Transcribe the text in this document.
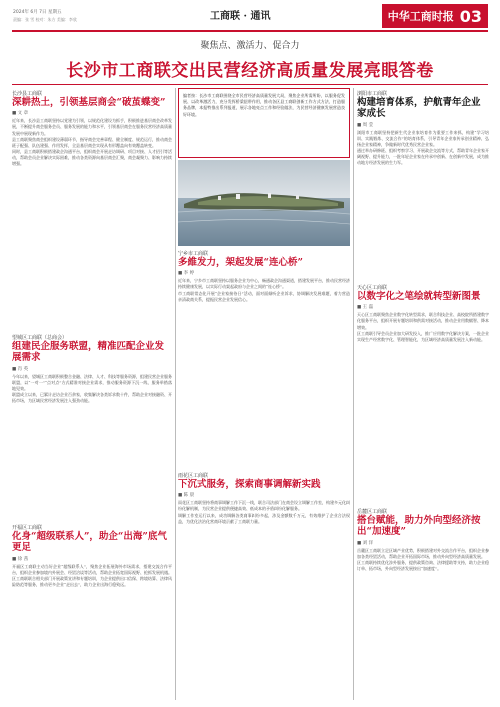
2024年 6月 7日 星期五
责编：张 雪 校对：朱方 美编：李欣	工商联 · 通讯	中华工商时报 03
聚焦点、激活力、促合力
长沙市工商联交出民营经济高质量发展亮眼答卷
长沙县工商联
深耕热土，引领基层商会“破茧蝶变”
■ 文 章

近年来，长沙县工商联坚持以党建为引领，以规范化建设为抓手，积极推进基层商会改革发展，不断提升商会服务会员、服务发展的能力和水平，引领基层商会在服务民营经济高质量发展中展现新作为。

县工商联聚焦商会组织建设薄弱环节，指导商会完善章程、健全制度、规范运行，推动商会班子配强、队伍建强、作用发挥，全县基层商会实现从有形覆盖向有效覆盖转变。

同时，县工商联积极搭建政企沟通平台，组织商会开展走访调研、项目对接、人才招引等活动，帮助会员企业解决实际困难，推动各类资源向基层商会汇聚，商会凝聚力、影响力持续增强。

望城区工商联（总商会）
组建民企服务联盟，精准匹配企业发展需求
■ 肖 英

今年以来，望城区工商联积极整合金融、法律、人才、科技等服务资源，组建民营企业服务联盟，以“一对一”“点对点”方式精准对接企业需求，推动服务资源下沉一线、服务举措落地见效。

联盟成立以来，已累计走访企业百余家，收集解决各类诉求数十件，帮助企业对接融资、开拓市场，为区域民营经济发展注入强劲动能。

开福区工商联
化身“超级联系人”，助企“出海”底气更足
■ 徐 茜

开福区工商联主动当好企业“超级联系人”，聚焦企业拓展海外市场需求，搭建交流合作平台，组织企业参加境内外展会、经贸洽谈等活动，帮助企业拓宽国际视野、抢抓发展机遇。

区工商联联合相关部门开展政策宣讲和专题培训，为企业提供出口信保、跨境结算、法律风险防范等服务，推动更多企业“走出去”，助力企业出海行稳致远。

编者按：长沙市工商联围绕全市民营经济高质量发展大局，聚焦企业所需所盼，以服务促发展、以改革激活力，充分发挥桥梁纽带作用，推动各区县工商联创新工作方式方法，打造服务品牌，本报特推出系列报道，展示各地亮点工作和经验做法，为民营经济健康发展营造良好环境。
宁乡市工商联
多維发力，架起发展“连心桥”
■ 李 婷

近年来，宁乡市工商联坚持以服务企业为中心，畅通政企沟通渠道，搭建发展平台，推动民营经济持续健康发展，以实际行动架起政府与企业之间的“连心桥”。

市工商联常态化开展“企业家接待日”活动，面对面倾听企业诉求，协调解决发展难题，着力营造亲清政商关系，提振民营企业发展信心。

雨花区工商联
下沉式服务，探索商事调解新实践
■ 陈 晨

雨花区工商联坚持将商事调解工作下沉一线，联合司法部门在商会设立调解工作室，构建多元化纠纷化解机制，为民营企业提供便捷高效、低成本的矛盾纠纷化解服务。

调解工作室运行以来，成功调解各类商事纠纷多起，涉及金额数千万元，有效维护了企业合法权益，为优化法治化营商环境贡献了工商联力量。

浏阳市工商联
构建培育体系，护航青年企业家成长
■ 周 莹

浏阳市工商联坚持把新生代企业家培育作为重要工作来抓，构建“学习培训、实践锻炼、交流合作”的培育体系，引导青年企业家传承创业精神、弘扬企业家精神，争做新时代优秀民营企业家。

通过举办研修班、组织考察学习、开展政企交流等方式，帮助青年企业家开阔视野、提升能力，一批年轻企业家在传承中创新、在创新中发展，成为推动地方经济发展的生力军。

天心区工商联
以数字化之笔绘就转型新图景
■ 王 磊

天心区工商联聚焦企业数字化转型需求，联合科技企业、高校院所搭建数字化服务平台，组织开展专题培训和供需对接活动，推动企业用数赋智、降本增效。

区工商联引导会员企业加大研发投入，推广应用数字化解决方案，一批企业实现生产经营数字化、管理智能化，为区域经济高质量发展注入新动能。

岳麓区工商联
搭台赋能，助力外向型经济按出“加速度”
■ 刘 洋

岳麓区工商联立足区域产业优势，积极搭建对外交流合作平台，组织企业参加各类经贸活动，帮助企业开拓国际市场，推动外向型经济高质量发展。

区工商联持续优化涉外服务，提供政策咨询、法律援助等支持，助力企业稳订单、拓市场，外向型经济发展按出“加速度”。
